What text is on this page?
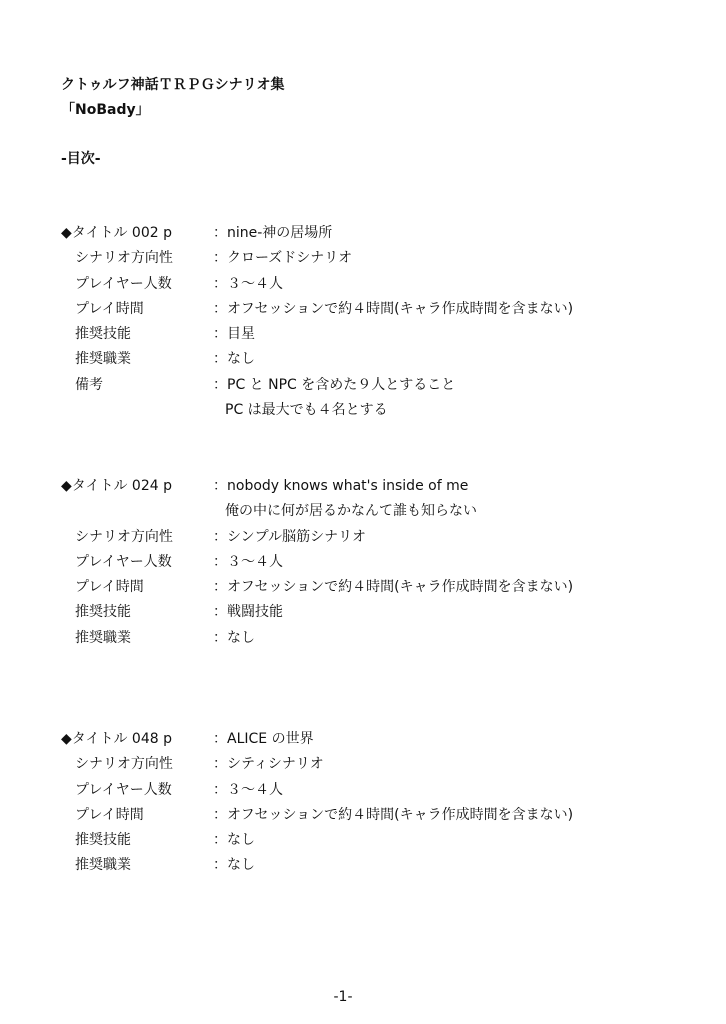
クトゥルフ神話ＴＲＰＧシナリオ集
「NoBady」
-目次-
◆タイトル 002 p	：nine-神の居場所
シナリオ方向性	：クローズドシナリオ
プレイヤー人数	：３～４人
プレイ時間	：オフセッションで約４時間(キャラ作成時間を含まない)
推奨技能	：目星
推奨職業	：なし
備考	：PC と NPC を含めた９人とすること
PC は最大でも４名とする
◆タイトル 024 p	：nobody knows what's inside of me
俺の中に何が居るかなんて誰も知らない
シナリオ方向性	：シンプル脳筋シナリオ
プレイヤー人数	：３～４人
プレイ時間	：オフセッションで約４時間(キャラ作成時間を含まない)
推奨技能	：戦闘技能
推奨職業	：なし
◆タイトル 048 p	：ALICE の世界
シナリオ方向性	：シティシナリオ
プレイヤー人数	：３～４人
プレイ時間	：オフセッションで約４時間(キャラ作成時間を含まない)
推奨技能	：なし
推奨職業	：なし
-1-
